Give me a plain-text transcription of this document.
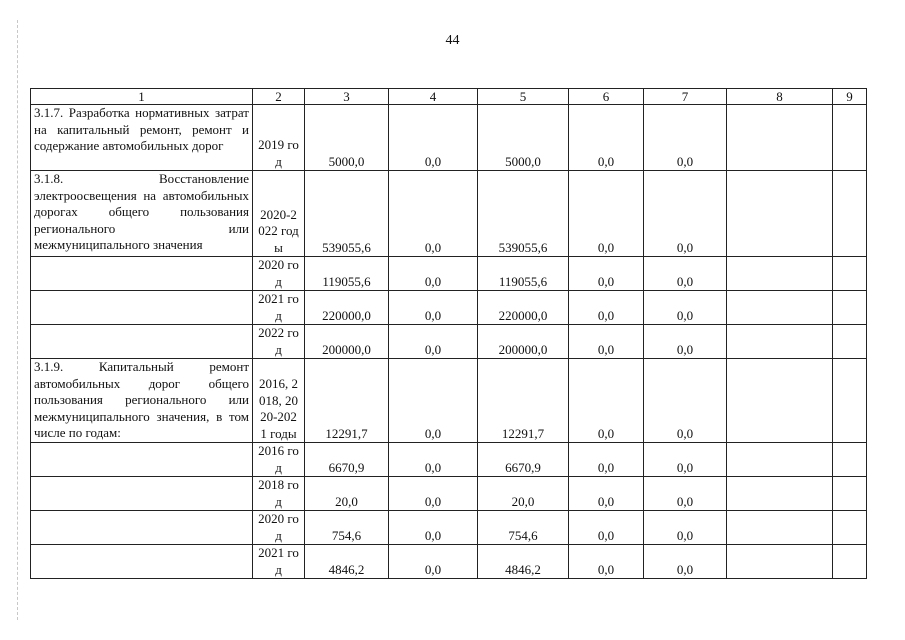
44
1	2	3	4	5	6	7	8	9
3.1.7. Разработка нормативных затрат на капитальный ремонт, ремонт и содержание автомобильных дорог	2019 год	5000,0	0,0	5000,0	0,0	0,0		
3.1.8. Восстановление электроосвещения на автомобильных дорогах общего пользования регионального или межмуниципального значения	2020-2022 годы	539055,6	0,0	539055,6	0,0	0,0		
	2020 год	119055,6	0,0	119055,6	0,0	0,0		
	2021 год	220000,0	0,0	220000,0	0,0	0,0		
	2022 год	200000,0	0,0	200000,0	0,0	0,0		
3.1.9. Капитальный ремонт автомобильных дорог общего пользования регионального или межмуниципального значения, в том числе по годам:	2016, 2018, 2020-2021 годы	12291,7	0,0	12291,7	0,0	0,0		
	2016 год	6670,9	0,0	6670,9	0,0	0,0		
	2018 год	20,0	0,0	20,0	0,0	0,0		
	2020 год	754,6	0,0	754,6	0,0	0,0		
	2021 год	4846,2	0,0	4846,2	0,0	0,0		
